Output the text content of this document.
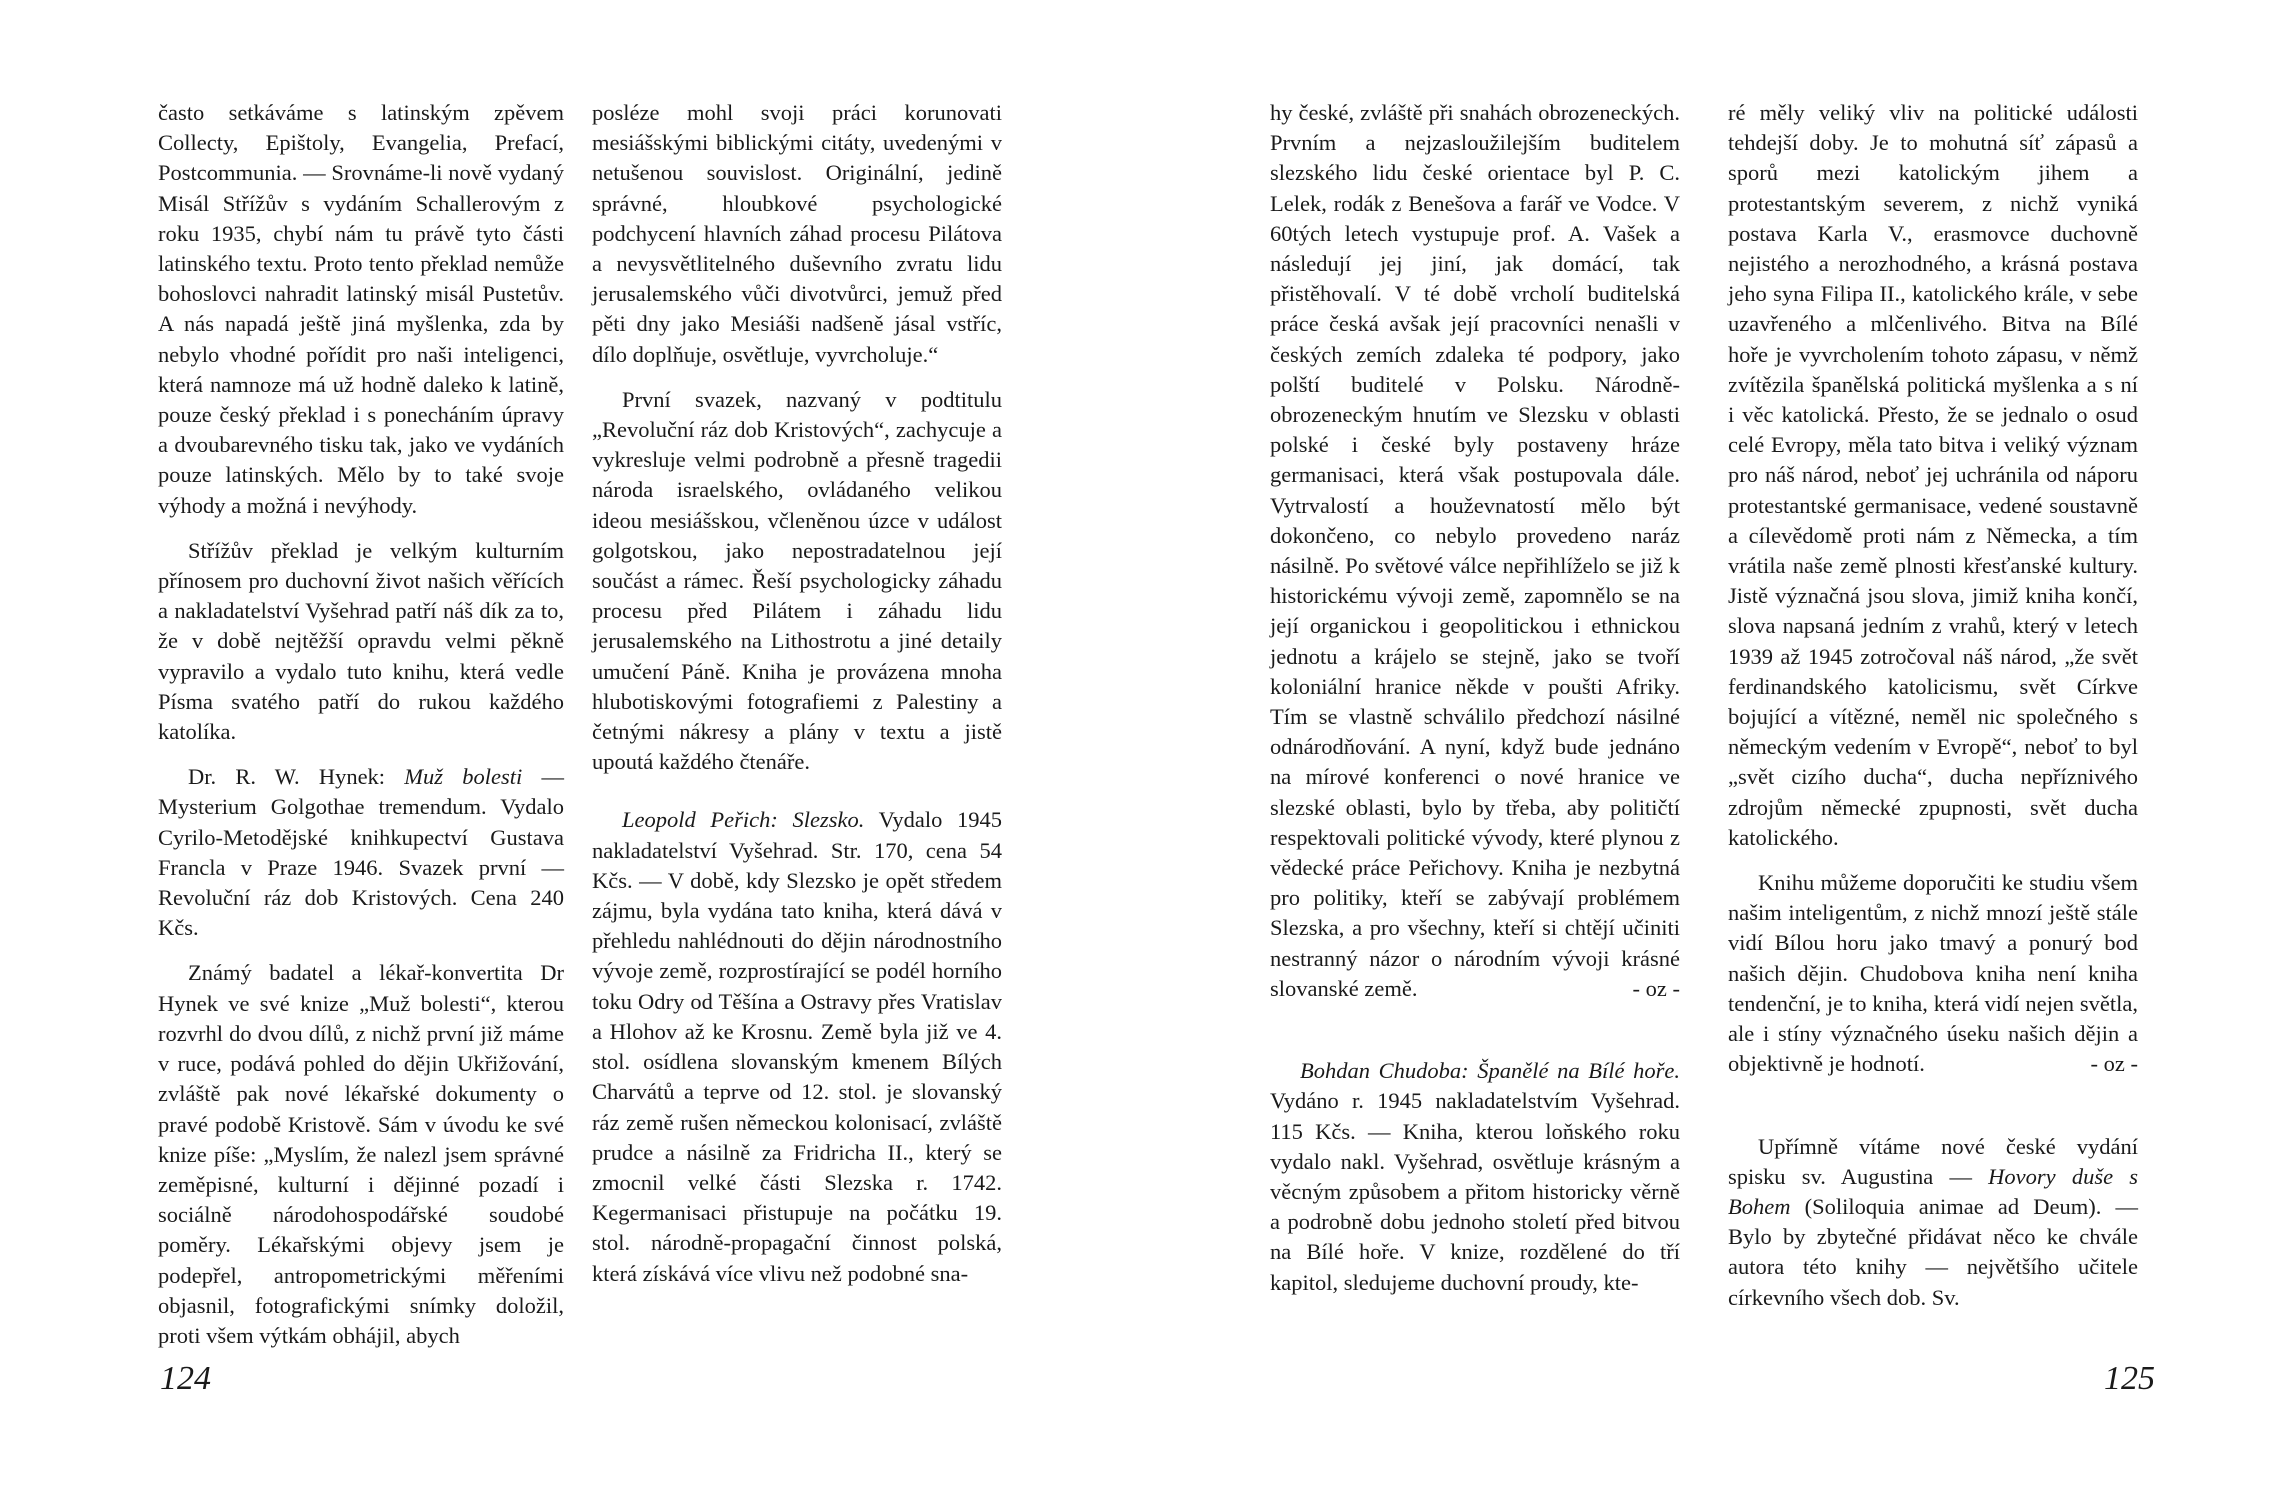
často setkáváme s latinským zpěvem Collecty, Epištoly, Evangelia, Prefací, Postcommunia. — Srovnáme-li nově vydaný Misál Střížův s vydáním Schallerovým z roku 1935, chybí nám tu právě tyto části latinského textu. Proto tento překlad nemůže bohoslovci nahradit latinský misál Pustetův. A nás napadá ještě jiná myšlenka, zda by nebylo vhodné pořídit pro naši inteligenci, která namnoze má už hodně daleko k latině, pouze český překlad i s ponecháním úpravy a dvoubarevného tisku tak, jako ve vydáních pouze latinských. Mělo by to také svoje výhody a možná i nevýhody.

Střížův překlad je velkým kulturním přínosem pro duchovní život našich věřících a nakladatelství Vyšehrad patří náš dík za to, že v době nejtěžší opravdu velmi pěkně vypravilo a vydalo tuto knihu, která vedle Písma svatého patří do rukou každého katolíka.

Dr. R. W. Hynek: Muž bolesti — Mysterium Golgothae tremendum. Vydalo Cyrilo-Metodějské knihkupectví Gustava Francla v Praze 1946. Svazek první — Revoluční ráz dob Kristových. Cena 240 Kčs.

Známý badatel a lékař-konvertita Dr Hynek ve své knize „Muž bolesti“, kterou rozvrhl do dvou dílů, z nichž první již máme v ruce, podává pohled do dějin Ukřižování, zvláště pak nové lékařské dokumenty o pravé podobě Kristově. Sám v úvodu ke své knize píše: „Myslím, že nalezl jsem správné zeměpisné, kulturní i dějinné pozadí i sociálně národohospodářské soudobé poměry. Lékařskými objevy jsem je podepřel, antropometrickými měřeními objasnil, fotografickými snímky doložil, proti všem výtkám obhájil, abych

posléze mohl svoji práci korunovati mesiášskými biblickými citáty, uvedenými v netušenou souvislost. Originální, jedině správné, hloubkové psychologické podchycení hlavních záhad procesu Pilátova a nevysvětlitelného duševního zvratu lidu jerusalemského vůči divotvůrci, jemuž před pěti dny jako Mesiáši nadšeně jásal vstříc, dílo doplňuje, osvětluje, vyvrcholuje.“

První svazek, nazvaný v podtitulu „Revoluční ráz dob Kristových“, zachycuje a vykresluje velmi podrobně a přesně tragedii národa israelského, ovládaného velikou ideou mesiášskou, včleněnou úzce v událost golgotskou, jako nepostradatelnou její součást a rámec. Řeší psychologicky záhadu procesu před Pilátem i záhadu lidu jerusalemského na Lithostrotu a jiné detaily umučení Páně. Kniha je provázena mnoha hlubotiskovými fotografiemi z Palestiny a četnými nákresy a plány v textu a jistě upoutá každého čtenáře.

Leopold Peřich: Slezsko. Vydalo 1945 nakladatelství Vyšehrad. Str. 170, cena 54 Kčs. — V době, kdy Slezsko je opět středem zájmu, byla vydána tato kniha, která dává v přehledu nahlédnouti do dějin národnostního vývoje země, rozprostírající se podél horního toku Odry od Těšína a Ostravy přes Vratislav a Hlohov až ke Krosnu. Země byla již ve 4. stol. osídlena slovanským kmenem Bílých Charvátů a teprve od 12. stol. je slovanský ráz země rušen německou kolonisací, zvláště prudce a násilně za Fridricha II., který se zmocnil velké části Slezska r. 1742. Kegermanisaci přistupuje na počátku 19. stol. národně-propagační činnost polská, která získává více vlivu než podobné sna-

124

hy české, zvláště při snahách obrozeneckých. Prvním a nejzasloužilejším buditelem slezského lidu české orientace byl P. C. Lelek, rodák z Benešova a farář ve Vodce. V 60tých letech vystupuje prof. A. Vašek a následují jej jiní, jak domácí, tak přistěhovalí. V té době vrcholí buditelská práce česká avšak její pracovníci nenašli v českých zemích zdaleka té podpory, jako polští buditelé v Polsku. Národně-obrozeneckým hnutím ve Slezsku v oblasti polské i české byly postaveny hráze germanisaci, která však postupovala dále. Vytrvalostí a houževnatostí mělo být dokončeno, co nebylo provedeno naráz násilně. Po světové válce nepřihlíželo se již k historickému vývoji země, zapomnělo se na její organickou i geopolitickou i ethnickou jednotu a krájelo se stejně, jako se tvoří koloniální hranice někde v poušti Afriky. Tím se vlastně schválilo předchozí násilné odnárodňování. A nyní, když bude jednáno na mírové konferenci o nové hranice ve slezské oblasti, bylo by třeba, aby političtí respektovali politické vývody, které plynou z vědecké práce Peřichovy. Kniha je nezbytná pro politiky, kteří se zabývají problémem Slezska, a pro všechny, kteří si chtějí učiniti nestranný názor o národním vývoji krásné slovanské země.	- oz -

Bohdan Chudoba: Španělé na Bílé hoře. Vydáno r. 1945 nakladatelstvím Vyšehrad. 115 Kčs. — Kniha, kterou loňského roku vydalo nakl. Vyšehrad, osvětluje krásným a věcným způsobem a přitom historicky věrně a podrobně dobu jednoho století před bitvou na Bílé hoře. V knize, rozdělené do tří kapitol, sledujeme duchovní proudy, kte-

ré měly veliký vliv na politické události tehdejší doby. Je to mohutná síť zápasů a sporů mezi katolickým jihem a protestantským severem, z nichž vyniká postava Karla V., erasmovce duchovně nejistého a nerozhodného, a krásná postava jeho syna Filipa II., katolického krále, v sebe uzavřeného a mlčenlivého. Bitva na Bílé hoře je vyvrcholením tohoto zápasu, v němž zvítězila španělská politická myšlenka a s ní i věc katolická. Přesto, že se jednalo o osud celé Evropy, měla tato bitva i veliký význam pro náš národ, neboť jej uchránila od náporu protestantské germanisace, vedené soustavně a cílevědomě proti nám z Německa, a tím vrátila naše země plnosti křesťanské kultury. Jistě význačná jsou slova, jimiž kniha končí, slova napsaná jedním z vrahů, který v letech 1939 až 1945 zotročoval náš národ, „že svět ferdinandského katolicismu, svět Církve bojující a vítězné, neměl nic společného s německým vedením v Evropě“, neboť to byl „svět cizího ducha“, ducha nepříznivého zdrojům německé zpupnosti, svět ducha katolického.

Knihu můžeme doporučiti ke studiu všem našim inteligentům, z nichž mnozí ještě stále vidí Bílou horu jako tmavý a ponurý bod našich dějin. Chudobova kniha není kniha tendenční, je to kniha, která vidí nejen světla, ale i stíny význačného úseku našich dějin a objektivně je hodnotí.	- oz -

Upřímně vítáme nové české vydání spisku sv. Augustina — Hovory duše s Bohem (Soliloquia animae ad Deum). — Bylo by zbytečné přidávat něco ke chvále autora této knihy — největšího učitele církevního všech dob. Sv.

125
